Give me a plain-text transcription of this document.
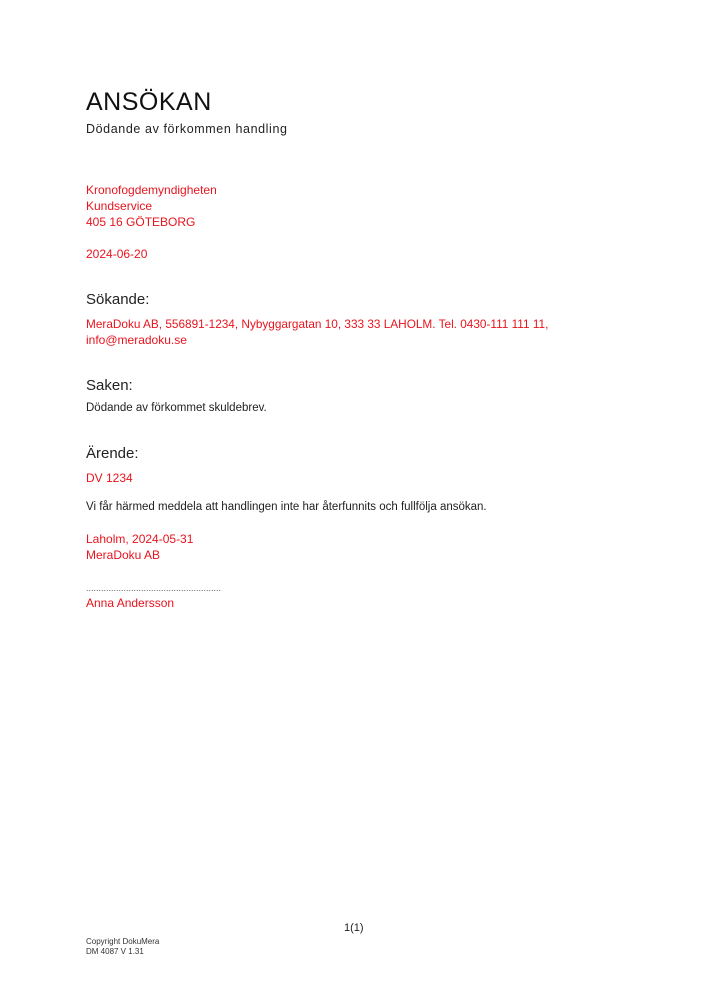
ANSÖKAN
Dödande av förkommen handling
Kronofogdemyndigheten
Kundservice
405 16 GÖTEBORG
2024-06-20
Sökande:
MeraDoku AB, 556891-1234, Nybyggargatan 10, 333 33 LAHOLM. Tel. 0430-111 111 11,
info@meradoku.se
Saken:
Dödande av förkommet skuldebrev.
Ärende:
DV 1234
Vi får härmed meddela att handlingen inte har återfunnits och fullfölja ansökan.
Laholm, 2024-05-31
MeraDoku AB
......................................................
Anna Andersson
1(1)
Copyright DokuMera
DM 4087 V 1.31
